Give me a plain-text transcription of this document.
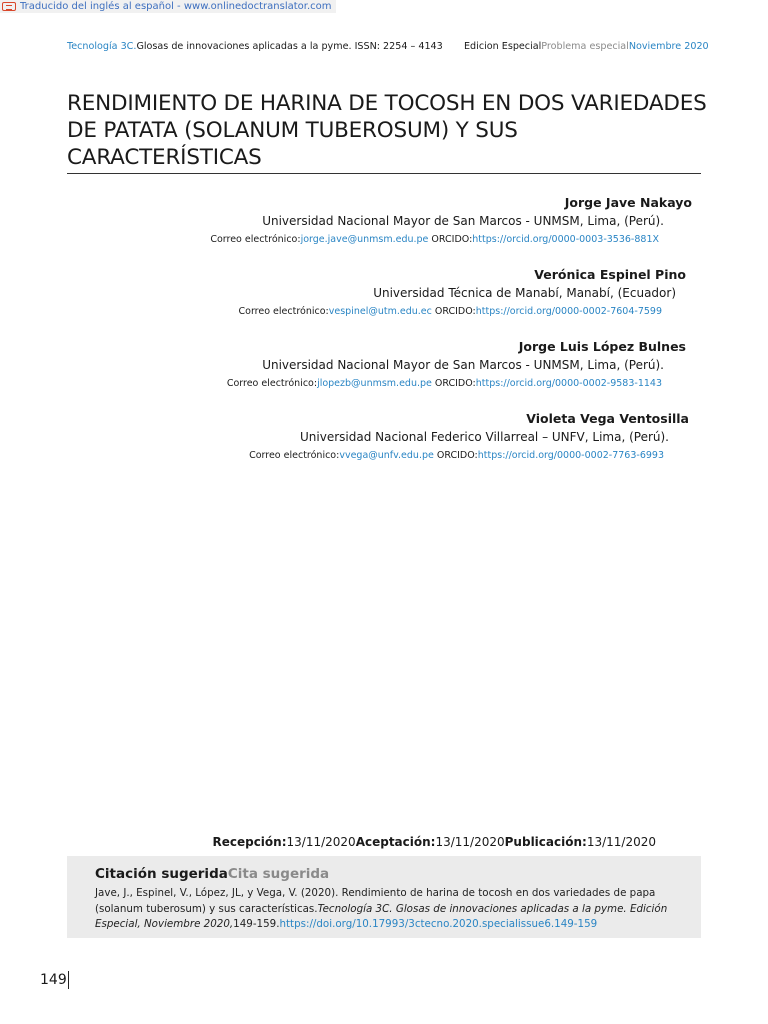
Traducido del inglés al español - www.onlinedoctranslator.com
Tecnología 3C.Glosas de innovaciones aplicadas a la pyme. ISSN: 2254 – 4143 Edicion EspecialProblema especialNoviembre 2020
RENDIMIENTO DE HARINA DE TOCOSH EN DOS VARIEDADES DE PATATA (SOLANUM TUBEROSUM) Y SUS CARACTERÍSTICAS
Jorge Jave Nakayo
Universidad Nacional Mayor de San Marcos - UNMSM, Lima, (Perú).
Correo electrónico:jorge.jave@unmsm.edu.pe ORCIDO:https://orcid.org/0000-0003-3536-881X
Verónica Espinel Pino
Universidad Técnica de Manabí, Manabí, (Ecuador)
Correo electrónico:vespinel@utm.edu.ec ORCIDO:https://orcid.org/0000-0002-7604-7599
Jorge Luis López Bulnes
Universidad Nacional Mayor de San Marcos - UNMSM, Lima, (Perú).
Correo electrónico:jlopezb@unmsm.edu.pe ORCIDO:https://orcid.org/0000-0002-9583-1143
Violeta Vega Ventosilla
Universidad Nacional Federico Villarreal – UNFV, Lima, (Perú).
Correo electrónico:vvega@unfv.edu.pe ORCIDO:https://orcid.org/0000-0002-7763-6993
Recepción:13/11/2020Aceptación:13/11/2020Publicación:13/11/2020
Citación sugeridaCita sugerida
Jave, J., Espinel, V., López, JL, y Vega, V. (2020). Rendimiento de harina de tocosh en dos variedades de papa (solanum tuberosum) y sus características.Tecnología 3C. Glosas de innovaciones aplicadas a la pyme. Edición Especial, Noviembre 2020,149-159.https://doi.org/10.17993/3ctecno.2020.specialissue6.149-159
149
